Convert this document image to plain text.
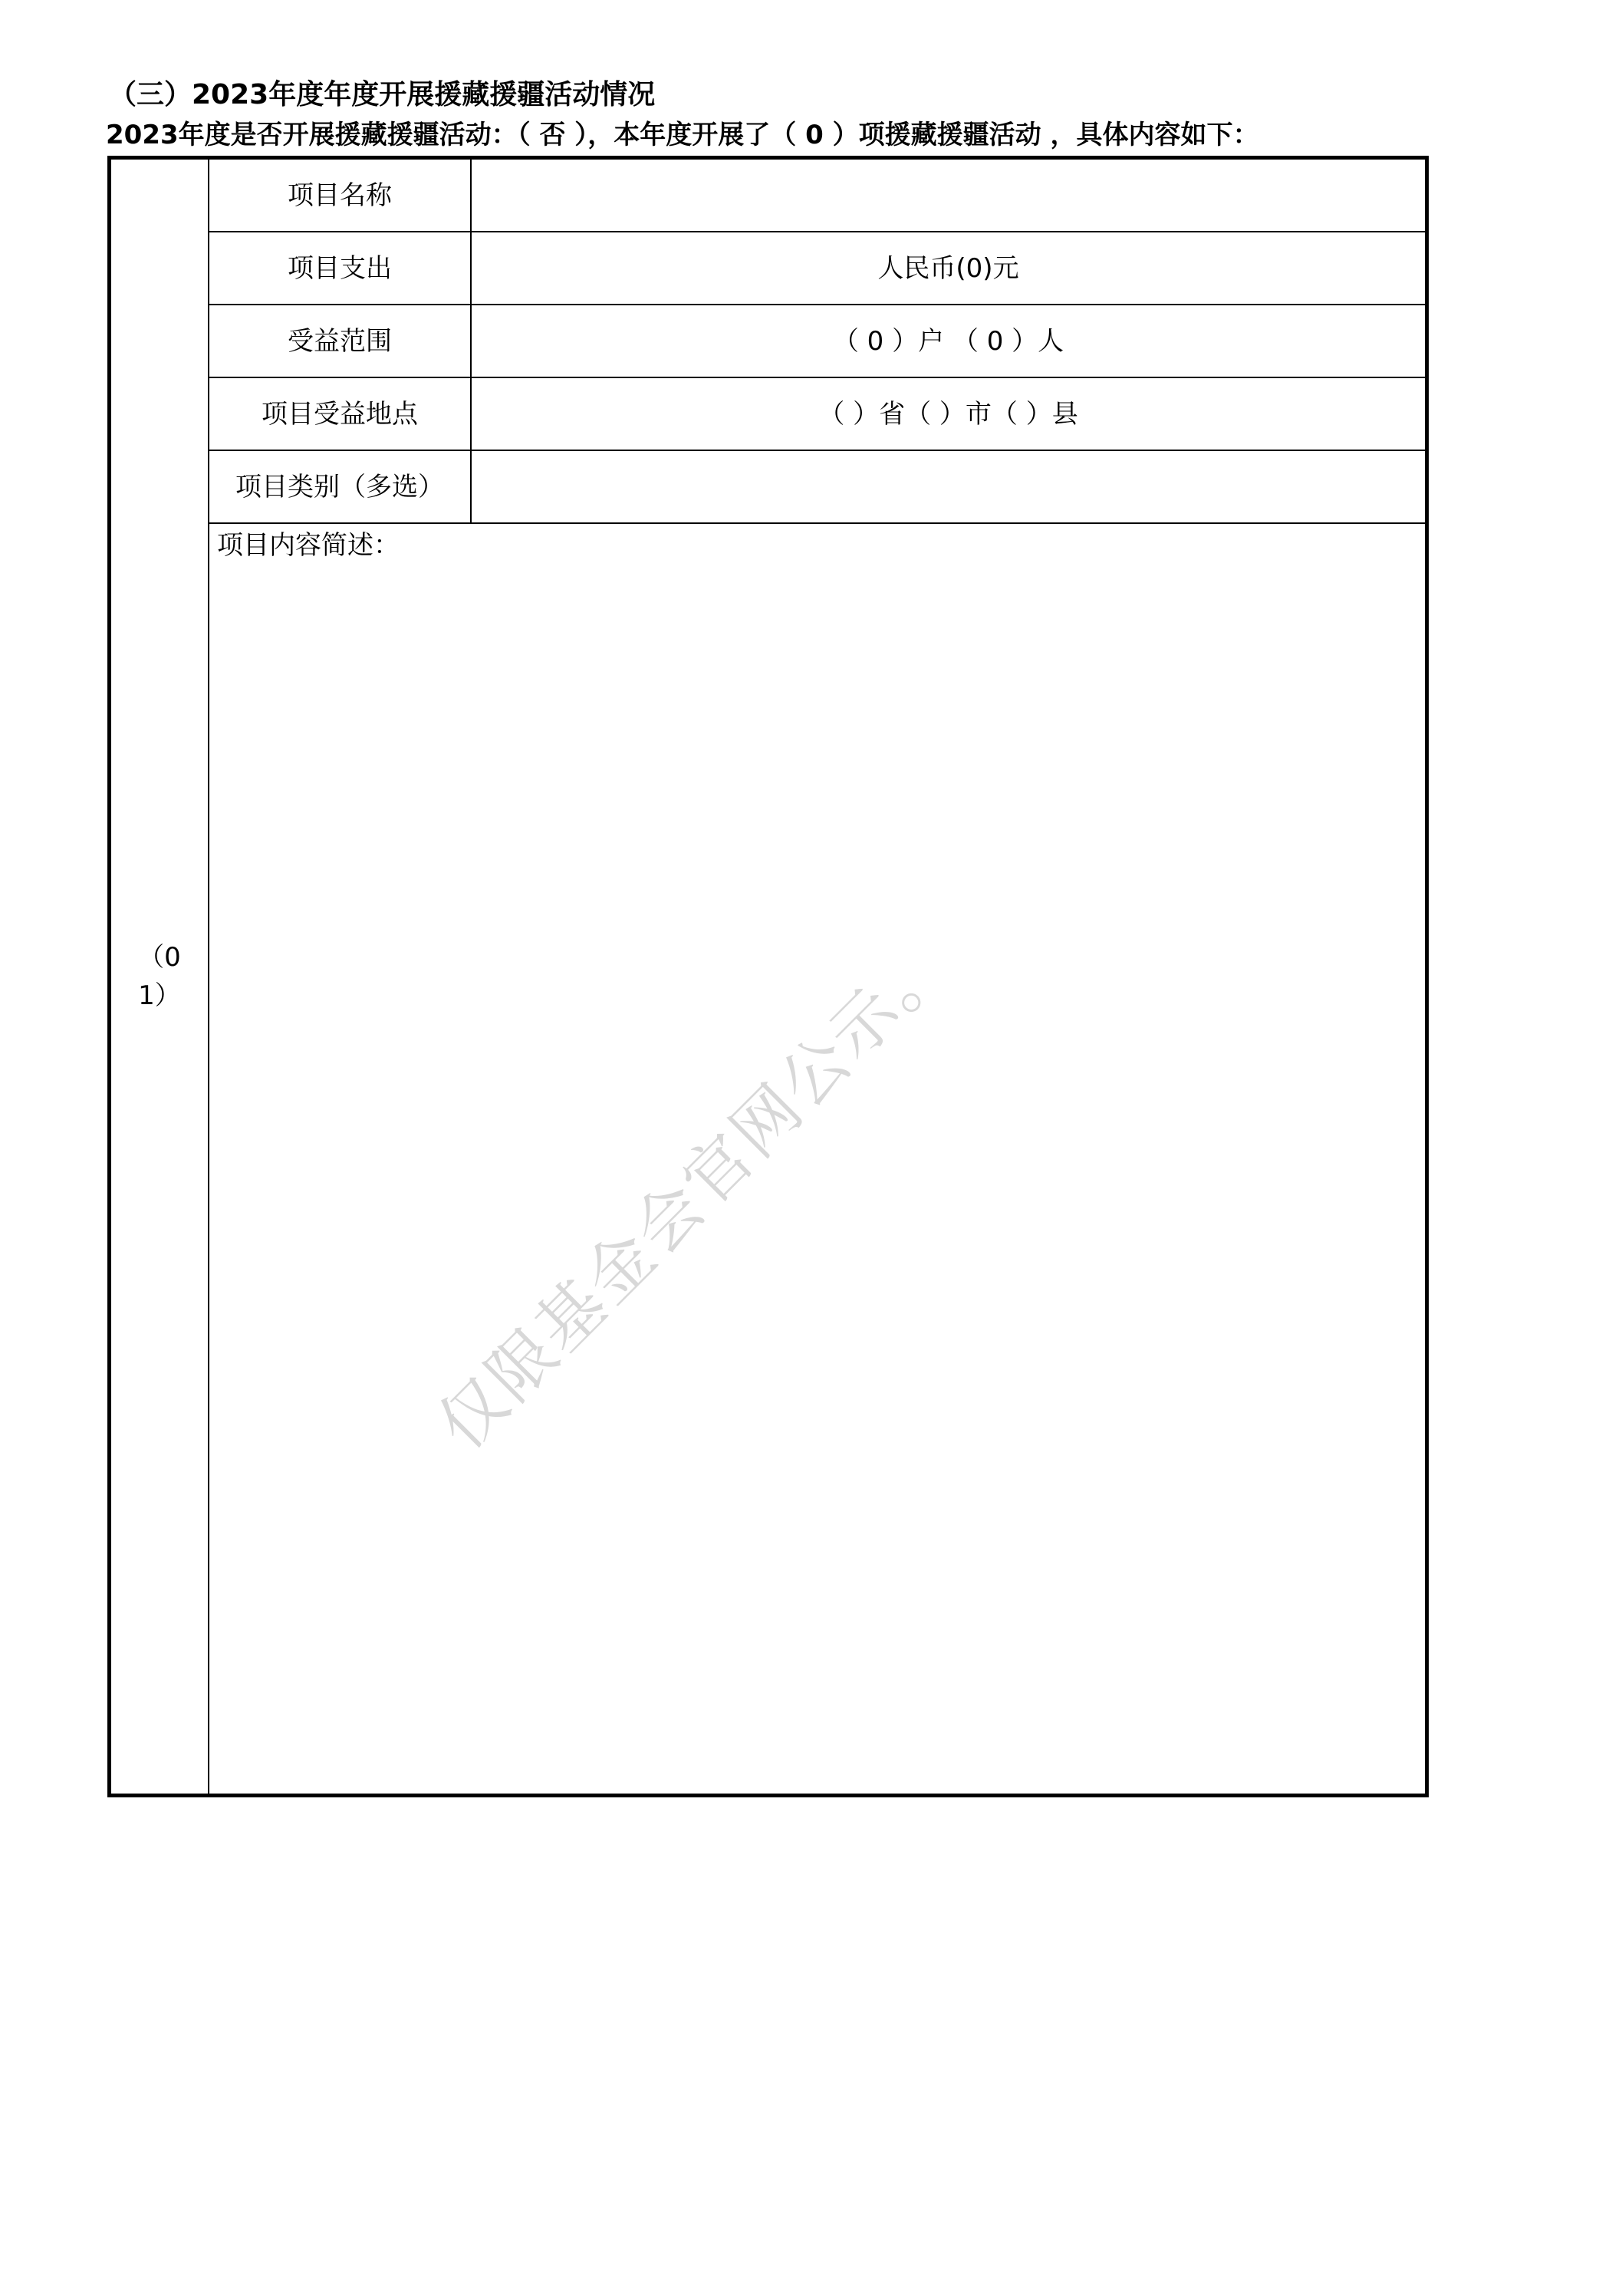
（三）2023年度年度开展援藏援疆活动情况
2023年度是否开展援藏援疆活动：（ 否 ），本年度开展了（ 0 ）项援藏援疆活动 ，具体内容如下：
（01）	项目名称	
	项目支出	人民币(0)元
	受益范围	（ 0 ）户 （ 0 ）人
	项目受益地点	（ ）省（ ）市（ ）县
	项目类别（多选）	
	项目内容简述：	
仅限基金会官网公示。
